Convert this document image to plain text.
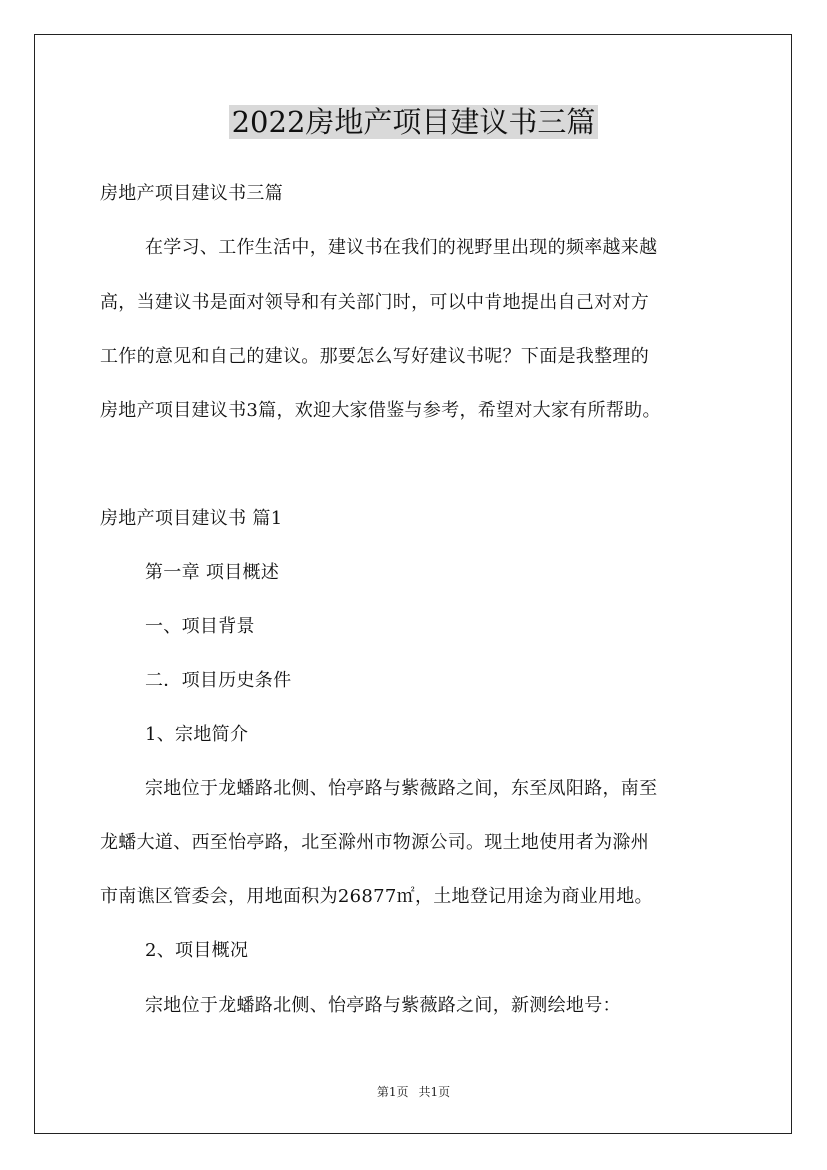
2022房地产项目建议书三篇
房地产项目建议书三篇
在学习、工作生活中，建议书在我们的视野里出现的频率越来越
高，当建议书是面对领导和有关部门时，可以中肯地提出自己对对方
工作的意见和自己的建议。那要怎么写好建议书呢？下面是我整理的
房地产项目建议书3篇，欢迎大家借鉴与参考，希望对大家有所帮助。
房地产项目建议书 篇1
第一章 项目概述
一、项目背景
二．项目历史条件
1、宗地简介
宗地位于龙蟠路北侧、怡亭路与紫薇路之间，东至凤阳路，南至
龙蟠大道、西至怡亭路，北至滁州市物源公司。现土地使用者为滁州
市南谯区管委会，用地面积为26877㎡，土地登记用途为商业用地。
2、项目概况
宗地位于龙蟠路北侧、怡亭路与紫薇路之间，新测绘地号：
第1页 共1页
